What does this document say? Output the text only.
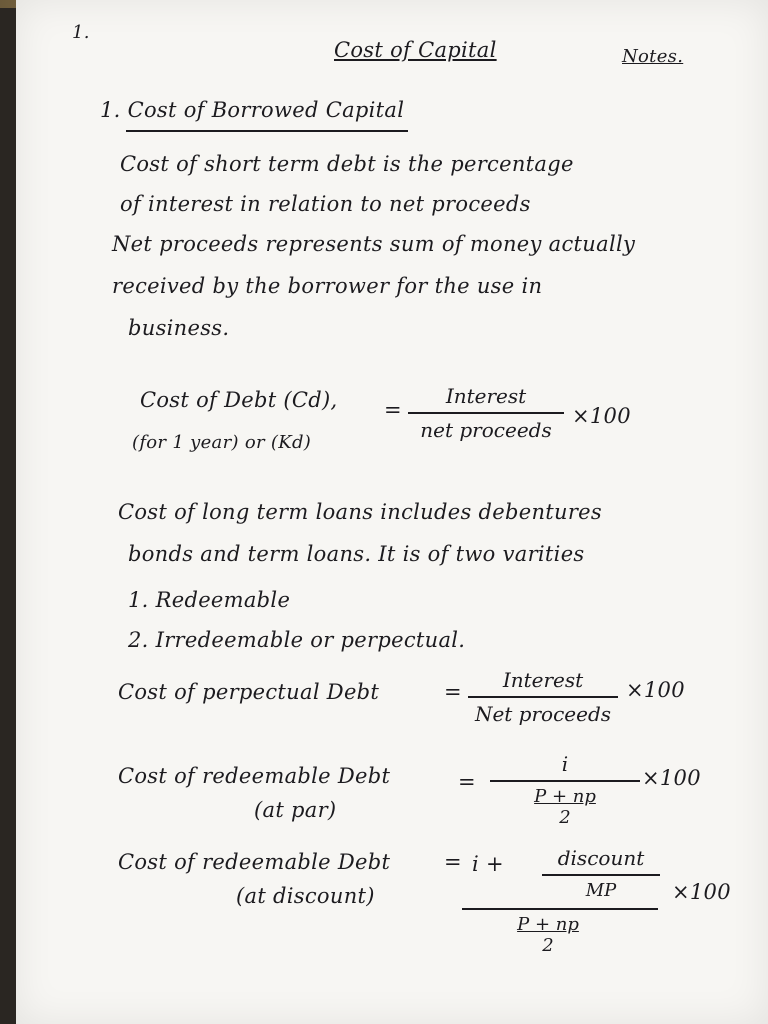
1.

Cost of Capital	Notes.

1. Cost of Borrowed Capital

Cost of short term debt is the percentage

of interest in relation to net proceeds

Net proceeds represents sum of money actually

received by the borrower for the use in

business.

Cost of Debt (Cd),

(for 1 year) or (Kd)

=

Interest
net proceeds

×100

Cost of long term loans includes debentures

bonds and term loans. It is of two varities

1. Redeemable

2. Irredeemable or perpectual.

Cost of perpectual Debt	=	Interest
Net proceeds

×100

Cost of redeemable Debt

(at par)

=

i
P + np
2

×100

Cost of redeemable Debt

(at discount)

= i +	discount
MP
$\frac{P + np}{2}$

×100
